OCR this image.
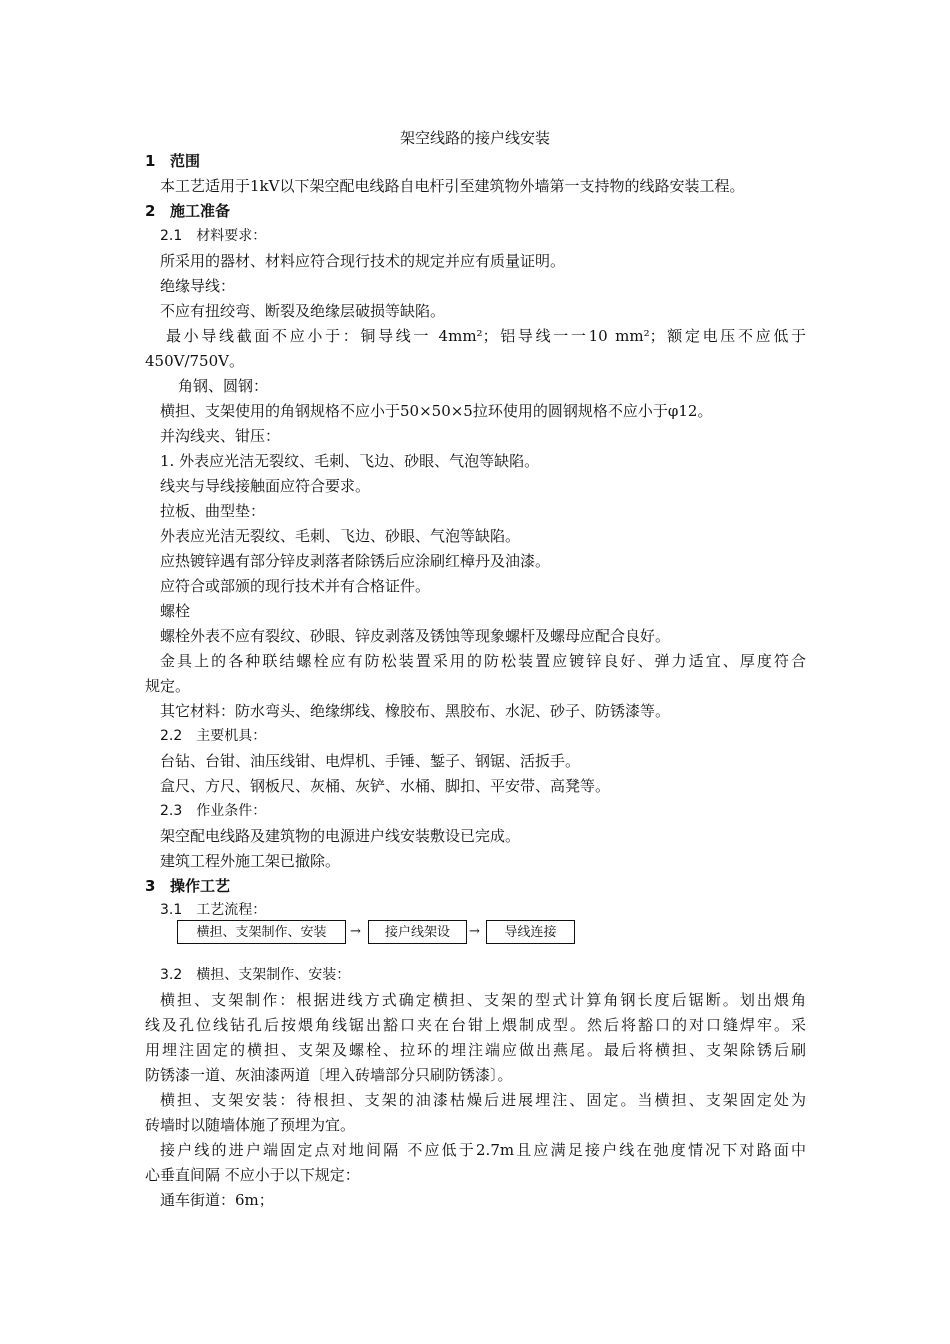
架空线路的接户线安装
1 范围
本工艺适用于1kV以下架空配电线路自电杆引至建筑物外墙第一支持物的线路安装工程。
2 施工准备
2.1　材料要求：
所采用的器材、材料应符合现行技术的规定并应有质量证明。
绝缘导线：
不应有扭绞弯、断裂及绝缘层破损等缺陷。
最小导线截面不应小于：铜导线一 4mm²；铝导线一一10 mm²；额定电压不应低于
450V/750V。
角钢、圆钢：
横担、支架使用的角钢规格不应小于50×50×5拉环使用的圆钢规格不应小于φ12。
并沟线夹、钳压：
1. 外表应光洁无裂纹、毛刺、飞边、砂眼、气泡等缺陷。
线夹与导线接触面应符合要求。
拉板、曲型垫：
外表应光洁无裂纹、毛刺、飞边、砂眼、气泡等缺陷。
应热镀锌遇有部分锌皮剥落者除锈后应涂刷红樟丹及油漆。
应符合或部颁的现行技术并有合格证件。
螺栓
螺栓外表不应有裂纹、砂眼、锌皮剥落及锈蚀等现象螺杆及螺母应配合良好。
金具上的各种联结螺栓应有防松装置采用的防松装置应镀锌良好、弹力适宜、厚度符合
规定。
其它材料：防水弯头、绝缘绑线、橡胶布、黑胶布、水泥、砂子、防锈漆等。
2.2　主要机具：
台钻、台钳、油压线钳、电焊机、手锤、錾子、钢锯、活扳手。
盒尺、方尺、钢板尺、灰桶、灰铲、水桶、脚扣、平安带、高凳等。
2.3　作业条件：
架空配电线路及建筑物的电源进户线安装敷设已完成。
建筑工程外施工架已撤除。
3 操作工艺
3.1　工艺流程：
横担、支架制作、安装	→	接户线架设	→	导线连接
3.2　横担、支架制作、安装：
横担、支架制作：根据进线方式确定横担、支架的型式计算角钢长度后锯断。划出煨角
线及孔位线钻孔后按煨角线锯出豁口夹在台钳上煨制成型。然后将豁口的对口缝焊牢。采
用埋注固定的横担、支架及螺栓、拉环的埋注端应做出燕尾。最后将横担、支架除锈后刷
防锈漆一道、灰油漆两道〔埋入砖墙部分只刷防锈漆〕。
横担、支架安装：待根担、支架的油漆枯燥后进展埋注、固定。当横担、支架固定处为
砖墙时以随墙体施了预埋为宜。
接户线的进户端固定点对地间隔 不应低于2.7m且应满足接户线在弛度情况下对路面中
心垂直间隔 不应小于以下规定：
通车街道：6m；
